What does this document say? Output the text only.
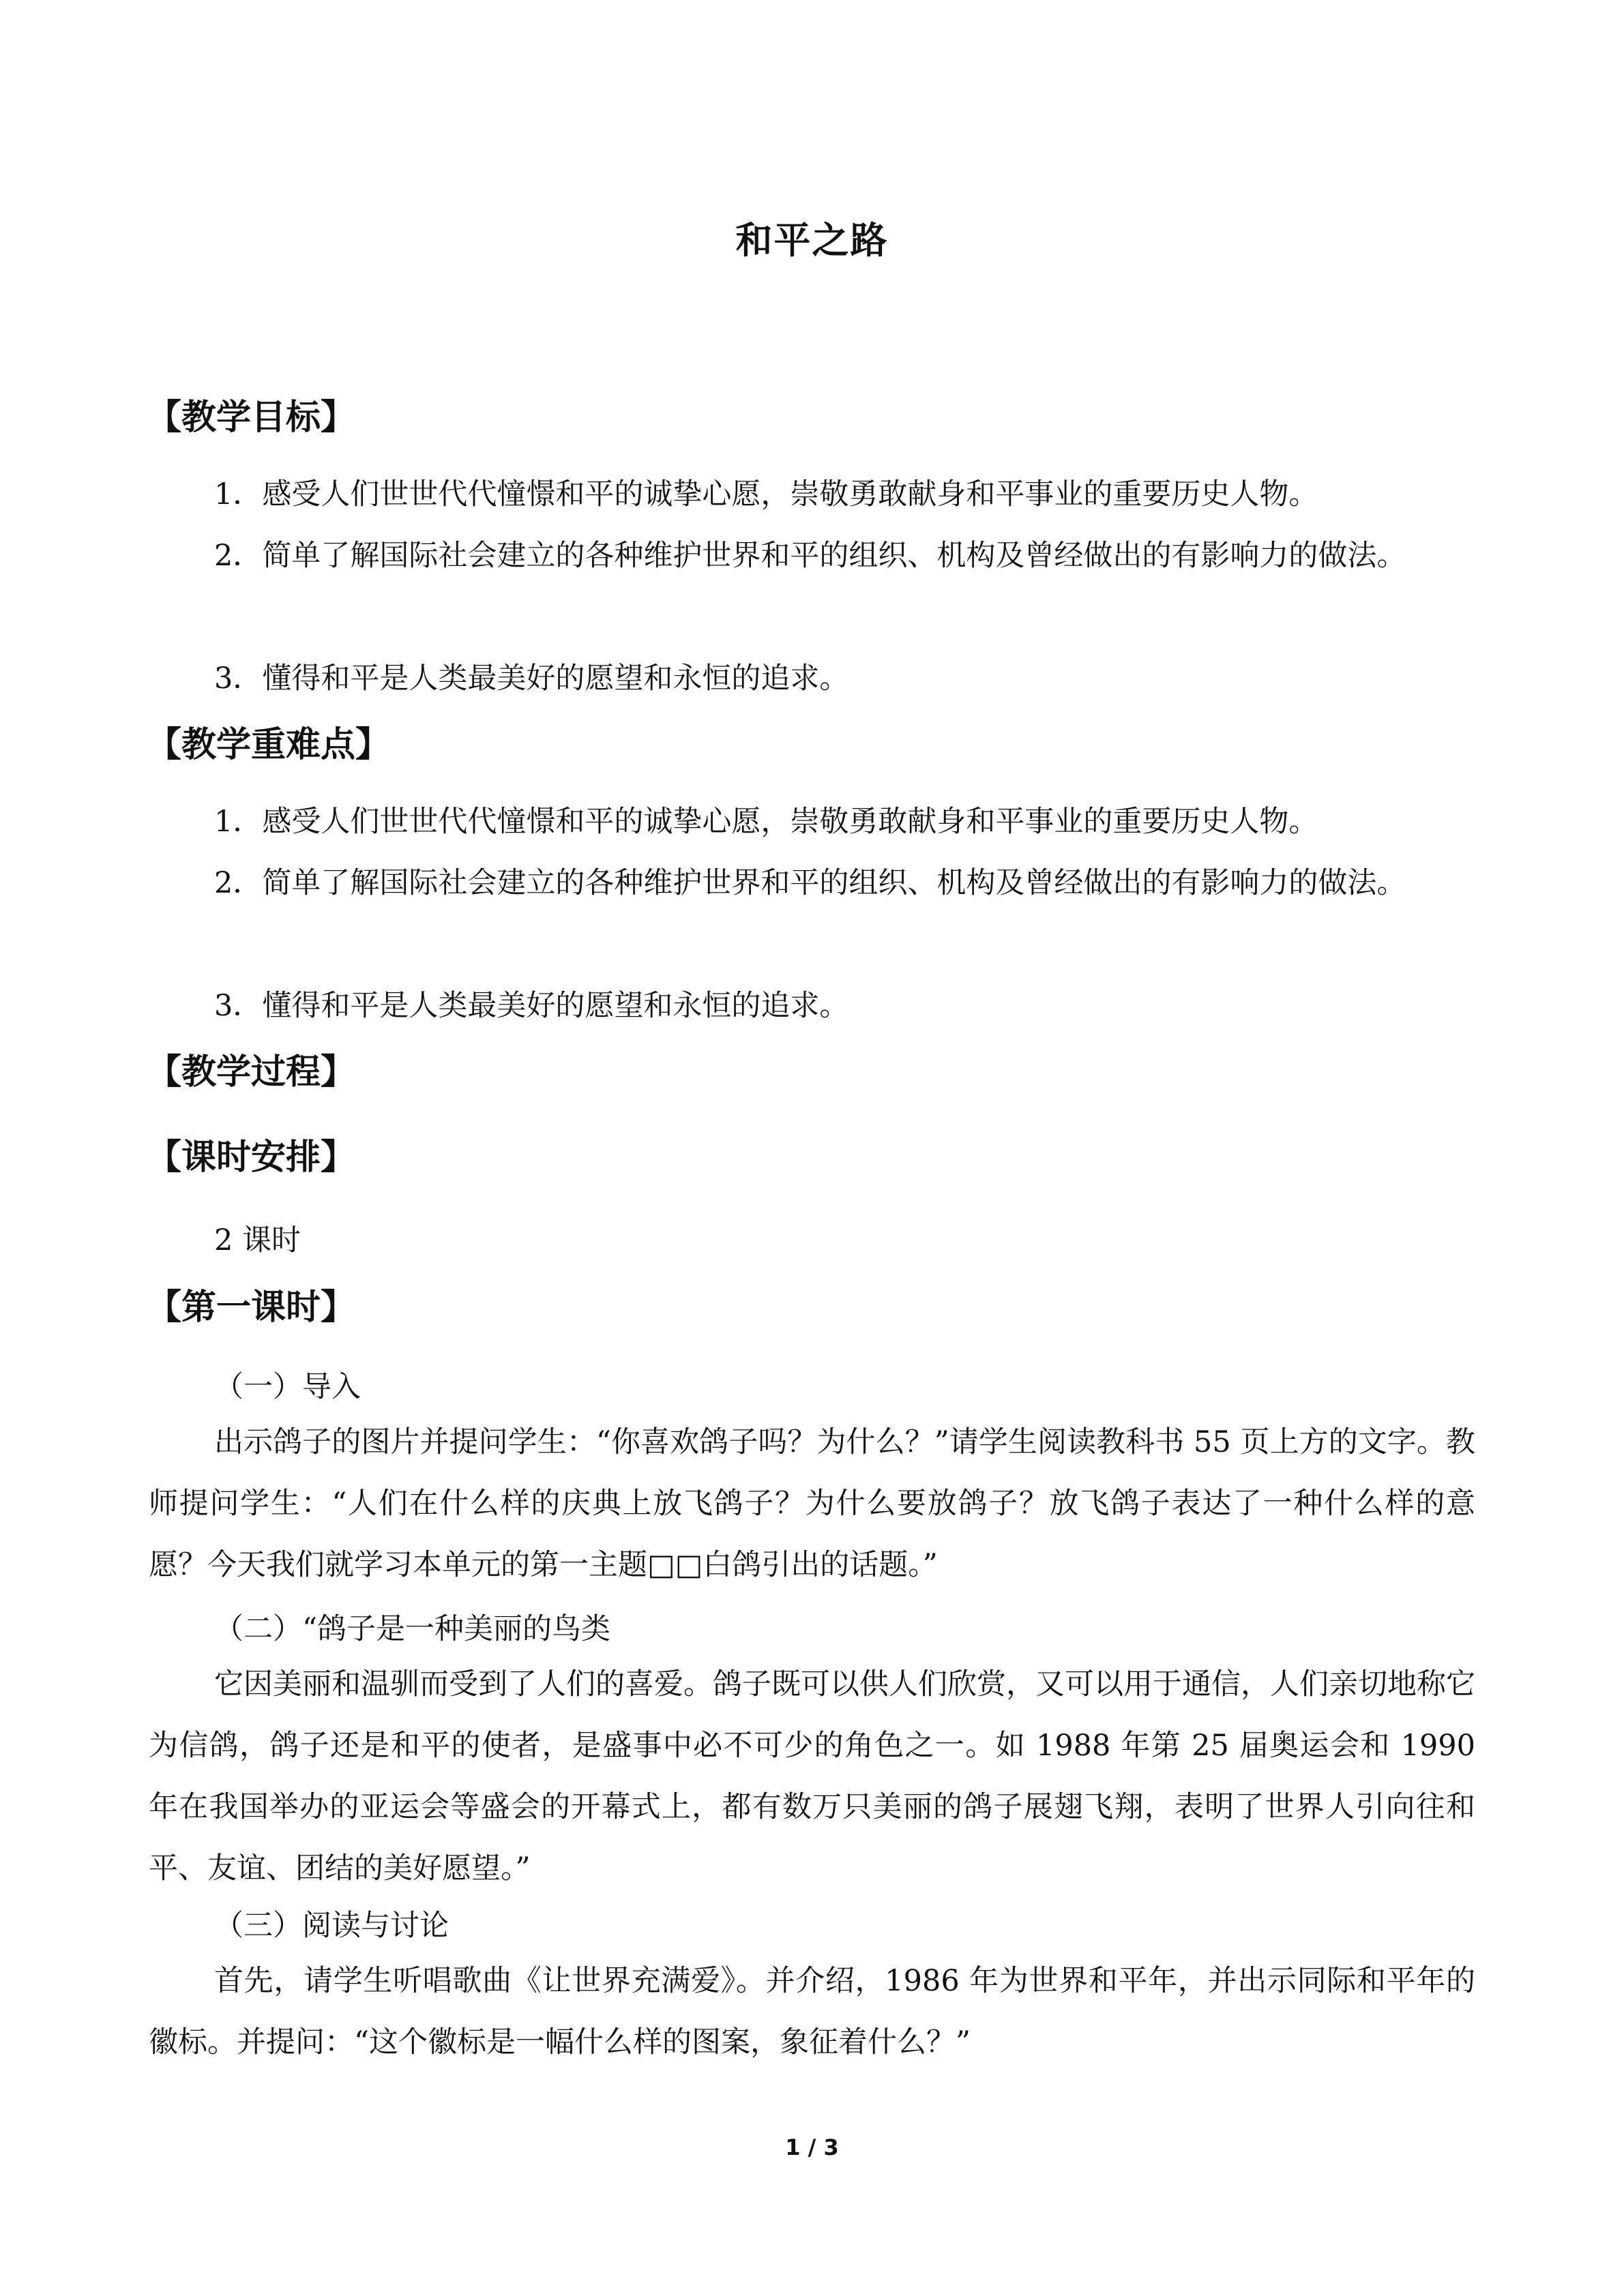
和平之路
【教学目标】
1．感受人们世世代代憧憬和平的诚挚心愿，崇敬勇敢献身和平事业的重要历史人物。
2．简单了解国际社会建立的各种维护世界和平的组织、机构及曾经做出的有影响力的做法。
3．懂得和平是人类最美好的愿望和永恒的追求。
【教学重难点】
1．感受人们世世代代憧憬和平的诚挚心愿，崇敬勇敢献身和平事业的重要历史人物。
2．简单了解国际社会建立的各种维护世界和平的组织、机构及曾经做出的有影响力的做法。
3．懂得和平是人类最美好的愿望和永恒的追求。
【教学过程】
【课时安排】
2 课时
【第一课时】
（一）导入
出示鸽子的图片并提问学生：“你喜欢鸽子吗？为什么？”请学生阅读教科书 55 页上方的文字。教师提问学生：“人们在什么样的庆典上放飞鸽子？为什么要放鸽子？放飞鸽子表达了一种什么样的意愿？今天我们就学习本单元的第一主题□□白鸽引出的话题。”
（二）“鸽子是一种美丽的鸟类
它因美丽和温驯而受到了人们的喜爱。鸽子既可以供人们欣赏，又可以用于通信，人们亲切地称它为信鸽，鸽子还是和平的使者，是盛事中必不可少的角色之一。如 1988 年第 25 届奥运会和 1990 年在我国举办的亚运会等盛会的开幕式上，都有数万只美丽的鸽子展翅飞翔，表明了世界人引向往和平、友谊、团结的美好愿望。”
（三）阅读与讨论
首先，请学生听唱歌曲《让世界充满爱》。并介绍，1986 年为世界和平年，并出示同际和平年的徽标。并提问：“这个徽标是一幅什么样的图案，象征着什么？”
1 / 3
